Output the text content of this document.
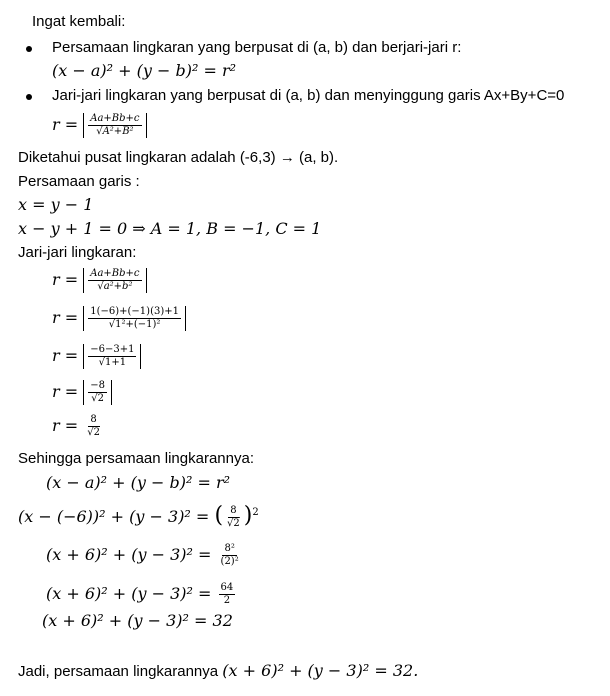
Ingat kembali:
Persamaan lingkaran yang berpusat di (a, b) dan berjari-jari r:
(x − a)² + (y − b)² = r²
Jari-jari lingkaran yang berpusat di (a, b) dan menyinggung garis Ax+By+C=0
$r = \frac{Aa+Bb+c}{\text{√A²+B²}}$
Diketahui pusat lingkaran adalah (-6,3) → (a, b).
Persamaan garis :
x = y − 1
x − y + 1 = 0 ⇒ A = 1, B = −1, C = 1
Jari-jari lingkaran:
$r = \frac{Aa+Bb+c}{\text{√a²+b²}}$
$r = \frac{1(-6)+(-1)(3)+1}{\text{√1²+(−1)²}}$
$r = \frac{-6-3+1}{√1+1}$
$r = \frac{-8}{√2}$
$r = \frac{8}{√2}$
Sehingga persamaan lingkarannya:
(x − a)² + (y − b)² = r²
(x − (−6))² + (y − 3)² = ( $\frac{8}{√2} )^2$
$(x + 6)^2 + (y - 3)^2 = \frac{\text{8²}}{\text{(2)²}}$
$(x + 6)^2 + (y - 3)^2 = \frac{64}{2}$
(x + 6)² + (y − 3)² = 32
Jadi, persamaan lingkarannya (x + 6)² + (y − 3)² = 32.
